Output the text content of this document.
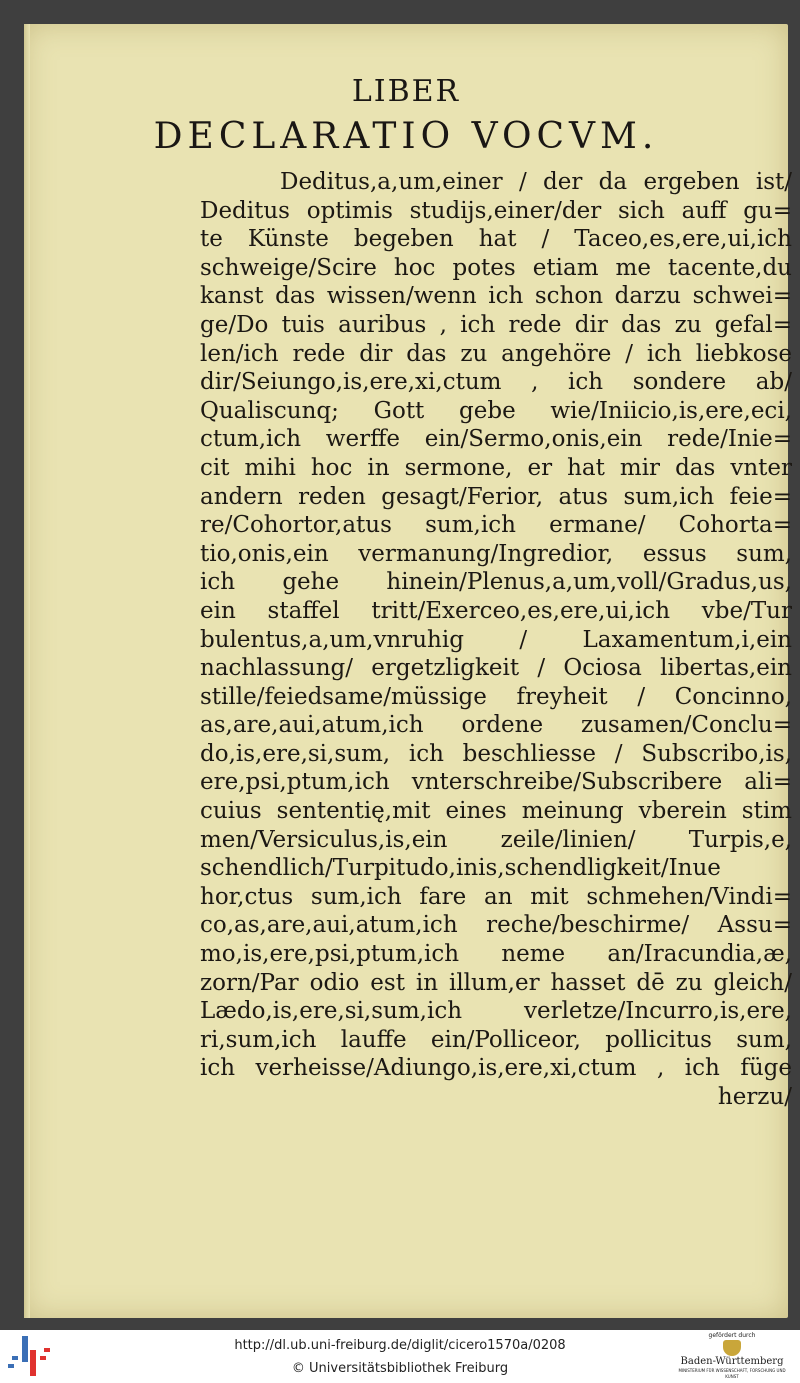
LIBER
DECLARATIO VOCVM.
Deditus,a,um,einer / der da ergeben ist/
Deditus optimis studijs,einer/der sich auff gu=
te Künste begeben hat / Taceo,es,ere,ui,ich
schweige/Scire hoc potes etiam me tacente,du
kanst das wissen/wenn ich schon darzu schwei=
ge/Do tuis auribus , ich rede dir das zu gefal=
len/ich rede dir das zu angehöre / ich liebkose
dir/Seiungo,is,ere,xi,ctum , ich sondere ab/
Qualiscunq; Gott gebe wie/Iniicio,is,ere,eci,
ctum,ich werffe ein/Sermo,onis,ein rede/Inie=
cit mihi hoc in sermone, er hat mir das vnter
andern reden gesagt/Ferior, atus sum,ich feie=
re/Cohortor,atus sum,ich ermane/ Cohorta=
tio,onis,ein vermanung/Ingredior, essus sum,
ich gehe hinein/Plenus,a,um,voll/Gradus,us,
ein staffel tritt/Exerceo,es,ere,ui,ich vbe/Tur
bulentus,a,um,vnruhig / Laxamentum,i,ein
nachlassung/ ergetzligkeit / Ociosa libertas,ein
stille/feiedsame/müssige freyheit / Concinno,
as,are,aui,atum,ich ordene zusamen/Conclu=
do,is,ere,si,sum, ich beschliesse / Subscribo,is,
ere,psi,ptum,ich vnterschreibe/Subscribere ali=
cuius sententię,mit eines meinung vberein stim
men/Versiculus,is,ein zeile/linien/ Turpis,e,
schendlich/Turpitudo,inis,schendligkeit/Inue
hor,ctus sum,ich fare an mit schmehen/Vindi=
co,as,are,aui,atum,ich reche/beschirme/ Assu=
mo,is,ere,psi,ptum,ich neme an/Iracundia,æ,
zorn/Par odio est in illum,er hasset dē zu gleich/
Lædo,is,ere,si,sum,ich verletze/Incurro,is,ere,
ri,sum,ich lauffe ein/Polliceor, pollicitus sum,
ich verheisse/Adiungo,is,ere,xi,ctum , ich füge
herzu/
http://dl.ub.uni-freiburg.de/diglit/cicero1570a/0208
© Universitätsbibliothek Freiburg
gefördert durch
Baden-Württemberg
MINISTERIUM FÜR WISSENSCHAFT, FORSCHUNG UND KUNST
